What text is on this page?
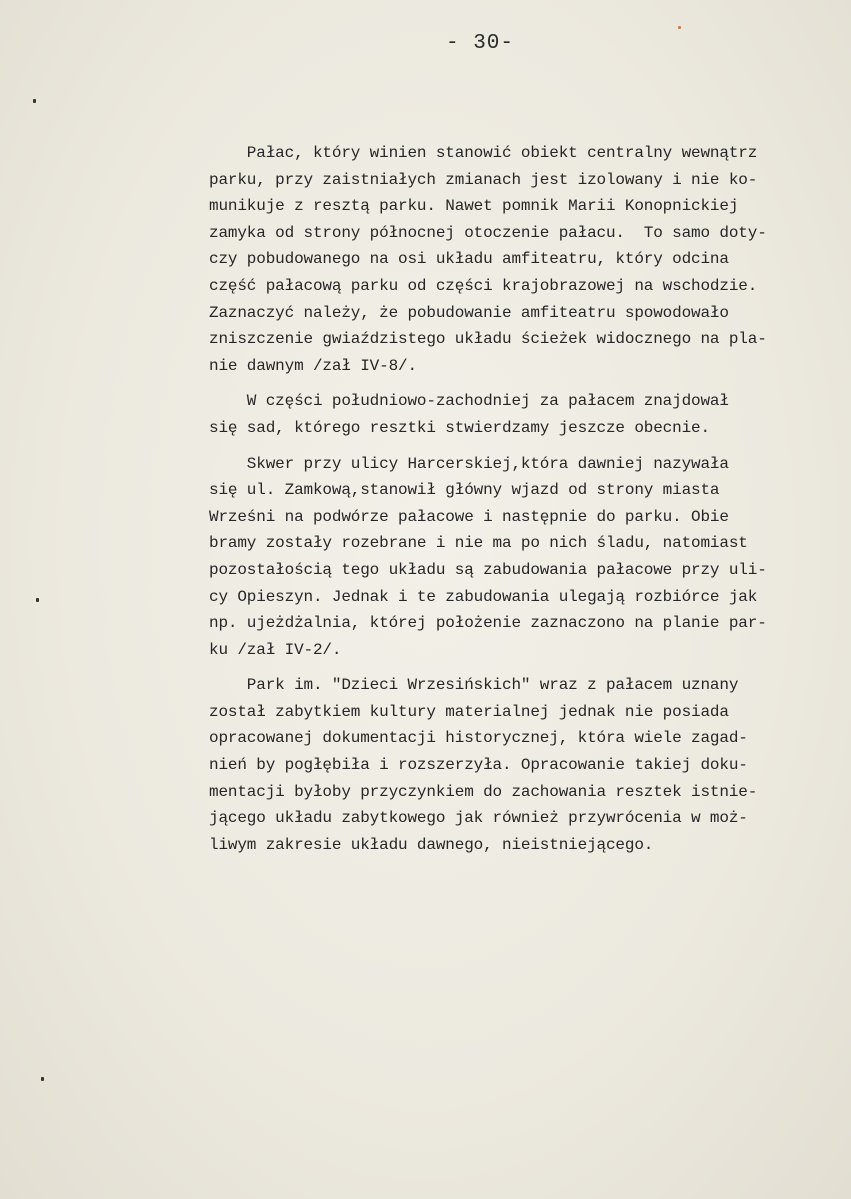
- 30-

Pałac, który winien stanowić obiekt centralny wewnątrz
parku, przy zaistniałych zmianach jest izolowany i nie ko-
munikuje z resztą parku. Nawet pomnik Marii Konopnickiej
zamyka od strony północnej otoczenie pałacu.  To samo doty-
czy pobudowanego na osi układu amfiteatru, który odcina
część pałacową parku od części krajobrazowej na wschodzie.
Zaznaczyć należy, że pobudowanie amfiteatru spowodowało
zniszczenie gwiaździstego układu ścieżek widocznego na pla-
nie dawnym /zał IV-8/.

W części południowo-zachodniej za pałacem znajdował
się sad, którego resztki stwierdzamy jeszcze obecnie.

Skwer przy ulicy Harcerskiej,która dawniej nazywała
się ul. Zamkową,stanowił główny wjazd od strony miasta
Wrześni na podwórze pałacowe i następnie do parku. Obie
bramy zostały rozebrane i nie ma po nich śladu, natomiast
pozostałością tego układu są zabudowania pałacowe przy uli-
cy Opieszyn. Jednak i te zabudowania ulegają rozbiórce jak
np. ujeżdżalnia, której położenie zaznaczono na planie par-
ku /zał IV-2/.

Park im. "Dzieci Wrzesińskich" wraz z pałacem uznany
został zabytkiem kultury materialnej jednak nie posiada
opracowanej dokumentacji historycznej, która wiele zagad-
nień by pogłębiła i rozszerzyła. Opracowanie takiej doku-
mentacji byłoby przyczynkiem do zachowania resztek istnie-
jącego układu zabytkowego jak również przywrócenia w moż-
liwym zakresie układu dawnego, nieistniejącego.
